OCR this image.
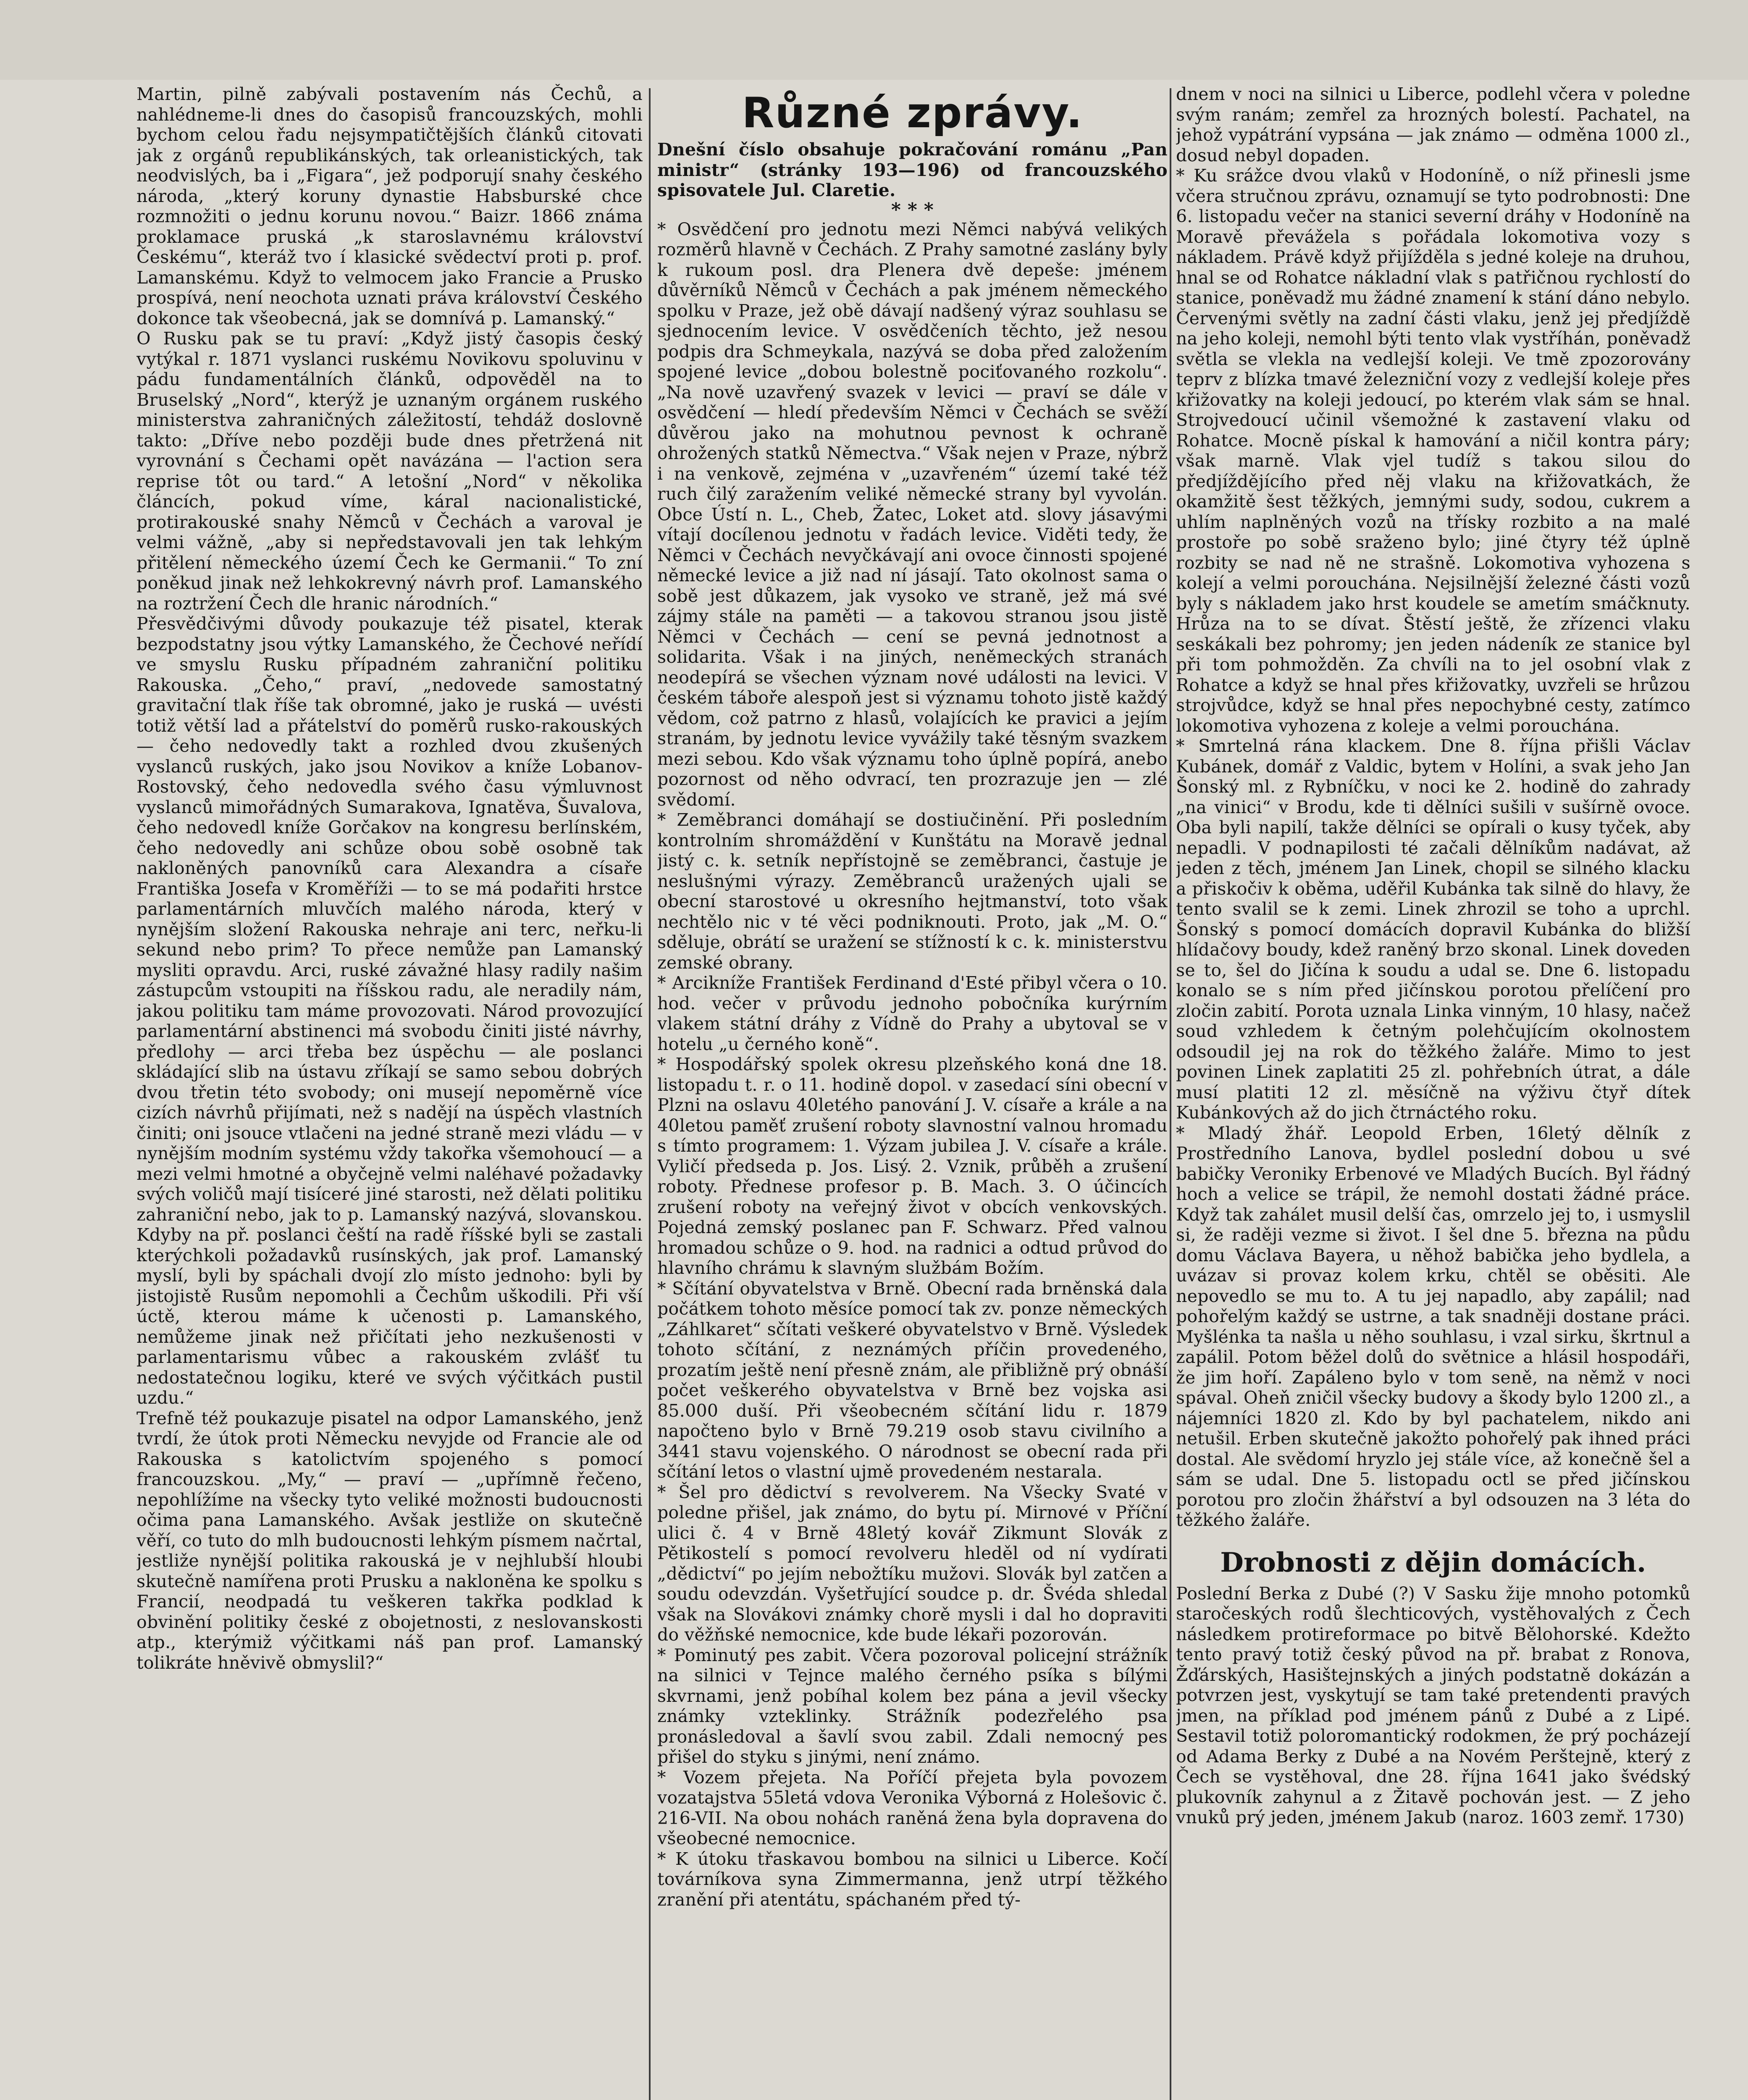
Martin, pilně zabývali postavením nás Čechů, a nahlédneme-li dnes do časopisů francouzských, mohli bychom celou řadu nejsympatičtějších článků citovati jak z orgánů republikánských, tak orleanistických, tak neodvislých, ba i „Figara“, jež podporují snahy českého národa, „který koruny dynastie Habsburské chce rozmnožiti o jednu korunu novou.“ Baizr. 1866 známa proklamace pruská „k staroslavnému království Českému“, kteráž tvo í klasické svědectví proti p. prof. Lamanskému. Když to velmocem jako Francie a Prusko prospívá, není neochota uznati práva království Českého dokonce tak všeobecná, jak se domnívá p. Lamanský.“

O Rusku pak se tu praví: „Když jistý časopis český vytýkal r. 1871 vyslanci ruskému Novikovu spoluvinu v pádu fundamentálních článků, odpověděl na to Bruselský „Nord“, kterýž je uznaným orgánem ruského ministerstva zahraničných záležitostí, tehdáž doslovně takto: „Dříve nebo později bude dnes přetržená nit vyrovnání s Čechami opět navázána — l'action sera reprise tôt ou tard.“ A letošní „Nord“ v několika článcích, pokud víme, káral nacionalistické, protirakouské snahy Němců v Čechách a varoval je velmi vážně, „aby si nepředstavovali jen tak lehkým přitělení německého území Čech ke Germanii.“ To zní poněkud jinak než lehkokrevný návrh prof. Lamanského na roztržení Čech dle hranic národních.“

Přesvědčivými důvody poukazuje též pisatel, kterak bezpodstatny jsou výtky Lamanského, že Čechové neřídí ve smyslu Rusku případném zahraniční politiku Rakouska. „Čeho,“ praví, „nedovede samostatný gravitační tlak říše tak obromné, jako je ruská — uvésti totiž větší lad a přátelství do poměrů rusko-rakouských — čeho nedovedly takt a rozhled dvou zkušených vyslanců ruských, jako jsou Novikov a kníže Lobanov-Rostovský, čeho nedovedla svého času výmluvnost vyslanců mimořádných Sumarakova, Ignatěva, Šuvalova, čeho nedovedl kníže Gorčakov na kongresu berlínském, čeho nedovedly ani schůze obou sobě osobně tak nakloněných panovníků cara Alexandra a císaře Františka Josefa v Kroměříži — to se má podařiti hrstce parlamentárních mluvčích malého národa, který v nynějším složení Rakouska nehraje ani terc, neřku-li sekund nebo prim? To přece nemůže pan Lamanský mysliti opravdu. Arci, ruské závažné hlasy radily našim zástupcům vstoupiti na říšskou radu, ale neradily nám, jakou politiku tam máme provozovati. Národ provozující parlamentární abstinenci má svobodu činiti jisté návrhy, předlohy — arci třeba bez úspěchu — ale poslanci skládající slib na ústavu zříkají se samo sebou dobrých dvou třetin této svobody; oni musejí nepoměrně více cizích návrhů přijímati, než s nadějí na úspěch vlastních činiti; oni jsouce vtlačeni na jedné straně mezi vládu — v nynějším modním systému vždy takořka všemohoucí — a mezi velmi hmotné a obyčejně velmi naléhavé požadavky svých voličů mají tisíceré jiné starosti, než dělati politiku zahraniční nebo, jak to p. Lamanský nazývá, slovanskou. Kdyby na př. poslanci čeští na radě říšské byli se zastali kterýchkoli požadavků rusínských, jak prof. Lamanský myslí, byli by spáchali dvojí zlo místo jednoho: byli by jistojistě Rusům nepomohli a Čechům uškodili. Při vší úctě, kterou máme k učenosti p. Lamanského, nemůžeme jinak než přičítati jeho nezkušenosti v parlamentarismu vůbec a rakouském zvlášť tu nedostatečnou logiku, které ve svých výčitkách pustil uzdu.“

Trefně též poukazuje pisatel na odpor Lamanského, jenž tvrdí, že útok proti Německu nevyjde od Francie ale od Rakouska s katolictvím spojeného s pomocí francouzskou. „My,“ — praví — „upřímně řečeno, nepohlížíme na všecky tyto veliké možnosti budoucnosti očima pana Lamanského. Avšak jestliže on skutečně věří, co tuto do mlh budoucnosti lehkým písmem načrtal, jestliže nynější politika rakouská je v nejhlubší hloubi skutečně namířena proti Prusku a nakloněna ke spolku s Francií, neodpadá tu veškeren takřka podklad k obvinění politiky české z obojetnosti, z neslovanskosti atp., kterýmiž výčitkami náš pan prof. Lamanský tolikráte hněvivě obmyslil?“

Různé zprávy.

Dnešní číslo obsahuje pokračování románu „Pan ministr“ (stránky 193—196) od francouzského spisovatele Jul. Claretie.

* * *

* Osvědčení pro jednotu mezi Němci nabývá velikých rozměrů hlavně v Čechách. Z Prahy samotné zaslány byly k rukoum posl. dra Plenera dvě depeše: jménem důvěrníků Němců v Čechách a pak jménem německého spolku v Praze, jež obě dávají nadšený výraz souhlasu se sjednocením levice. V osvědčeních těchto, jež nesou podpis dra Schmeykala, nazývá se doba před založením spojené levice „dobou bolestně pociťovaného rozkolu“. „Na nově uzavřený svazek v levici — praví se dále v osvědčení — hledí především Němci v Čechách se svěží důvěrou jako na mohutnou pevnost k ochraně ohrožených statků Němectva.“ Však nejen v Praze, nýbrž i na venkově, zejména v „uzavřeném“ území také též ruch čilý zaražením veliké německé strany byl vyvolán. Obce Ústí n. L., Cheb, Žatec, Loket atd. slovy jásavými vítají docílenou jednotu v řadách levice. Viděti tedy, že Němci v Čechách nevyčkávají ani ovoce činnosti spojené německé levice a již nad ní jásají. Tato okolnost sama o sobě jest důkazem, jak vysoko ve straně, jež má své zájmy stále na paměti — a takovou stranou jsou jistě Němci v Čechách — cení se pevná jednotnost a solidarita. Však i na jiných, neněmeckých stranách neodepírá se všechen význam nové události na levici. V českém táboře alespoň jest si významu tohoto jistě každý vědom, což patrno z hlasů, volajících ke pravici a jejím stranám, by jednotu levice vyvážily také těsným svazkem mezi sebou. Kdo však významu toho úplně popírá, anebo pozornost od něho odvrací, ten prozrazuje jen — zlé svědomí.

* Zeměbranci domáhají se dostiučinění. Při posledním kontrolním shromáždění v Kunštátu na Moravě jednal jistý c. k. setník nepřístojně se zeměbranci, častuje je neslušnými výrazy. Zeměbranců uražených ujali se obecní starostové u okresního hejtmanství, toto však nechtělo nic v té věci podniknouti. Proto, jak „M. O.“ sděluje, obrátí se uražení se stížností k c. k. ministerstvu zemské obrany.

* Arcikníže František Ferdinand d'Esté přibyl včera o 10. hod. večer v průvodu jednoho pobočníka kurýrním vlakem státní dráhy z Vídně do Prahy a ubytoval se v hotelu „u černého koně“.

* Hospodářský spolek okresu plzeňského koná dne 18. listopadu t. r. o 11. hodině dopol. v zasedací síni obecní v Plzni na oslavu 40letého panování J. V. císaře a krále a na 40letou paměť zrušení roboty slavnostní valnou hromadu s tímto programem: 1. Výzam jubilea J. V. císaře a krále. Vyličí předseda p. Jos. Lisý. 2. Vznik, průběh a zrušení roboty. Přednese profesor p. B. Mach. 3. O účincích zrušení roboty na veřejný život v obcích venkovských. Pojedná zemský poslanec pan F. Schwarz. Před valnou hromadou schůze o 9. hod. na radnici a odtud průvod do hlavního chrámu k slavným službám Božím.

* Sčítání obyvatelstva v Brně. Obecní rada brněnská dala počátkem tohoto měsíce pomocí tak zv. ponze německých „Záhlkaret“ sčítati veškeré obyvatelstvo v Brně. Výsledek tohoto sčítání, z neznámých příčin provedeného, prozatím ještě není přesně znám, ale přibližně prý obnáší počet veškerého obyvatelstva v Brně bez vojska asi 85.000 duší. Při všeobecném sčítání lidu r. 1879 napočteno bylo v Brně 79.219 osob stavu civilního a 3441 stavu vojenského. O národnost se obecní rada při sčítání letos o vlastní ujmě provedeném nestarala.

* Šel pro dědictví s revolverem. Na Všecky Svaté v poledne přišel, jak známo, do bytu pí. Mirnové v Příční ulici č. 4 v Brně 48letý kovář Zikmunt Slovák z Pětikostelí s pomocí revolveru hleděl od ní vydírati „dědictví“ po jejím nebožtíku mužovi. Slovák byl zatčen a soudu odevzdán. Vyšetřující soudce p. dr. Švéda shledal však na Slovákovi známky chorě mysli i dal ho dopraviti do věžňské nemocnice, kde bude lékaři pozorován.

* Pominutý pes zabit. Včera pozoroval policejní strážník na silnici v Tejnce malého černého psíka s bílými skvrnami, jenž pobíhal kolem bez pána a jevil všecky známky vzteklinky. Strážník podezřelého psa pronásledoval a šavlí svou zabil. Zdali nemocný pes přišel do styku s jinými, není známo.

* Vozem přejeta. Na Poříčí přejeta byla povozem vozatajstva 55letá vdova Veronika Výborná z Holešovic č. 216-VII. Na obou nohách raněná žena byla dopravena do všeobecné nemocnice.

* K útoku třaskavou bombou na silnici u Liberce. Kočí továrníkova syna Zimmermanna, jenž utrpí těžkého zranění při atentátu, spáchaném před tý-

dnem v noci na silnici u Liberce, podlehl včera v poledne svým ranám; zemřel za hrozných bolestí. Pachatel, na jehož vypátrání vypsána — jak známo — odměna 1000 zl., dosud nebyl dopaden.

* Ku srážce dvou vlaků v Hodoníně, o níž přinesli jsme včera stručnou zprávu, oznamují se tyto podrobnosti: Dne 6. listopadu večer na stanici severní dráhy v Hodoníně na Moravě převážela s pořádala lokomotiva vozy s nákladem. Právě když přijížděla s jedné koleje na druhou, hnal se od Rohatce nákladní vlak s patřičnou rychlostí do stanice, poněvadž mu žádné znamení k stání dáno nebylo. Červenými světly na zadní části vlaku, jenž jej předjíždě na jeho koleji, nemohl býti tento vlak vystříhán, poněvadž světla se vlekla na vedlejší koleji. Ve tmě zpozorovány teprv z blízka tmavé železniční vozy z vedlejší koleje přes křižovatky na koleji jedoucí, po kterém vlak sám se hnal. Strojvedoucí učinil všemožné k zastavení vlaku od Rohatce. Mocně pískal k hamování a ničil kontra páry; však marně. Vlak vjel tudíž s takou silou do předjíždějícího před něj vlaku na křižovatkách, že okamžitě šest těžkých, jemnými sudy, sodou, cukrem a uhlím naplněných vozů na třísky rozbito a na malé prostoře po sobě sraženo bylo; jiné čtyry též úplně rozbity se nad ně ne strašně. Lokomotiva vyhozena s kolejí a velmi porouchána. Nejsilnější železné části vozů byly s nákladem jako hrst koudele se ametím smáčknuty. Hrůza na to se dívat. Štěstí ještě, že zřízenci vlaku seskákali bez pohromy; jen jeden nádeník ze stanice byl při tom pohmožděn. Za chvíli na to jel osobní vlak z Rohatce a když se hnal přes křižovatky, uvzřeli se hrůzou strojvůdce, když se hnal přes nepochybné cesty, zatímco lokomotiva vyhozena z koleje a velmi porouchána.

* Smrtelná rána klackem. Dne 8. října přišli Václav Kubánek, domář z Valdic, bytem v Holíni, a svak jeho Jan Šonský ml. z Rybníčku, v noci ke 2. hodině do zahrady „na vinici“ v Brodu, kde ti dělníci sušili v sušírně ovoce. Oba byli napilí, takže dělníci se opírali o kusy tyček, aby nepadli. V podnapilosti té začali dělníkům nadávat, až jeden z těch, jménem Jan Linek, chopil se silného klacku a přiskočiv k oběma, uděřil Kubánka tak silně do hlavy, že tento svalil se k zemi. Linek zhrozil se toho a uprchl. Šonský s pomocí domácích dopravil Kubánka do bližší hlídačovy boudy, kdež raněný brzo skonal. Linek doveden se to, šel do Jičína k soudu a udal se. Dne 6. listopadu konalo se s ním před jičínskou porotou přelíčení pro zločin zabití. Porota uznala Linka vinným, 10 hlasy, načež soud vzhledem k četným polehčujícím okolnostem odsoudil jej na rok do těžkého žaláře. Mimo to jest povinen Linek zaplatiti 25 zl. pohřebních útrat, a dále musí platiti 12 zl. měsíčně na výživu čtyř dítek Kubánkových až do jich čtrnáctého roku.

* Mladý žhář. Leopold Erben, 16letý dělník z Prostředního Lanova, bydlel poslední dobou u své babičky Veroniky Erbenové ve Mladých Bucích. Byl řádný hoch a velice se trápil, že nemohl dostati žádné práce. Když tak zahálet musil delší čas, omrzelo jej to, i usmyslil si, že raději vezme si život. I šel dne 5. března na půdu domu Václava Bayera, u něhož babička jeho bydlela, a uvázav si provaz kolem krku, chtěl se oběsiti. Ale nepovedlo se mu to. A tu jej napadlo, aby zapálil; nad pohořelým každý se ustrne, a tak snadněji dostane práci. Myšlénka ta našla u něho souhlasu, i vzal sirku, škrtnul a zapálil. Potom běžel dolů do světnice a hlásil hospodáři, že jim hoří. Zapáleno bylo v tom seně, na němž v noci spával. Oheň zničil všecky budovy a škody bylo 1200 zl., a nájemníci 1820 zl. Kdo by byl pachatelem, nikdo ani netušil. Erben skutečně jakožto pohořelý pak ihned práci dostal. Ale svědomí hryzlo jej stále více, až konečně šel a sám se udal. Dne 5. listopadu octl se před jičínskou porotou pro zločin žhářství a byl odsouzen na 3 léta do těžkého žaláře.

Drobnosti z dějin domácích.

Poslední Berka z Dubé (?) V Sasku žije mnoho potomků staročeských rodů šlechticových, vystěhovalých z Čech následkem protireformace po bitvě Bělohorské. Kdežto tento pravý totiž český původ na př. brabat z Ronova, Žďárských, Hasištejnských a jiných podstatně dokázán a potvrzen jest, vyskytují se tam také pretendenti pravých jmen, na příklad pod jménem pánů z Dubé a z Lipé. Sestavil totiž polоromantický rodokmen, že prý pocházejí od Adama Berky z Dubé a na Novém Perštejně, který z Čech se vystěhoval, dne 28. října 1641 jako švédský plukovník zahynul a z Žitavě pochován jest. — Z jeho vnuků prý jeden, jménem Jakub (naroz. 1603 zemř. 1730)
